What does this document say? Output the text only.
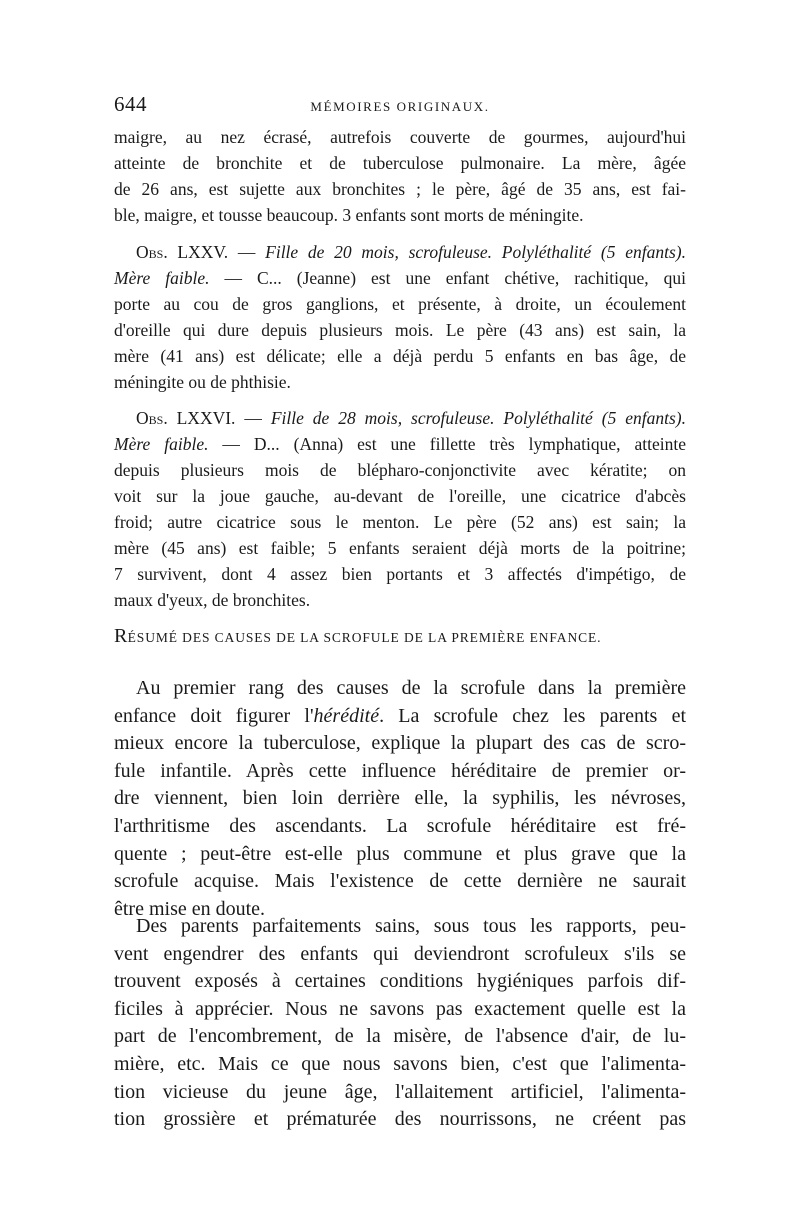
644	MÉMOIRES ORIGINAUX.

maigre, au nez écrasé, autrefois couverte de gourmes, aujourd'hui

atteinte de bronchite et de tuberculose pulmonaire. La mère, âgée

de 26 ans, est sujette aux bronchites ; le père, âgé de 35 ans, est fai-

ble, maigre, et tousse beaucoup. 3 enfants sont morts de méningite.

Obs. LXXV. — Fille de 20 mois, scrofuleuse. Polyléthalité (5 enfants).

Mère faible. — C... (Jeanne) est une enfant chétive, rachitique, qui

porte au cou de gros ganglions, et présente, à droite, un écoulement

d'oreille qui dure depuis plusieurs mois. Le père (43 ans) est sain, la

mère (41 ans) est délicate; elle a déjà perdu 5 enfants en bas âge, de

méningite ou de phthisie.

Obs. LXXVI. — Fille de 28 mois, scrofuleuse. Polyléthalité (5 enfants).

Mère faible. — D... (Anna) est une fillette très lymphatique, atteinte

depuis plusieurs mois de blépharo-conjonctivite avec kératite; on

voit sur la joue gauche, au-devant de l'oreille, une cicatrice d'abcès

froid; autre cicatrice sous le menton. Le père (52 ans) est sain; la

mère (45 ans) est faible; 5 enfants seraient déjà morts de la poitrine;

7 survivent, dont 4 assez bien portants et 3 affectés d'impétigo, de

maux d'yeux, de bronchites.

RÉSUMÉ DES CAUSES DE LA SCROFULE DE LA PREMIÈRE ENFANCE.

Au premier rang des causes de la scrofule dans la première

enfance doit figurer l'hérédité. La scrofule chez les parents et

mieux encore la tuberculose, explique la plupart des cas de scro-

fule infantile. Après cette influence héréditaire de premier or-

dre viennent, bien loin derrière elle, la syphilis, les névroses,

l'arthritisme des ascendants. La scrofule héréditaire est fré-

quente ; peut-être est-elle plus commune et plus grave que la

scrofule acquise. Mais l'existence de cette dernière ne saurait

être mise en doute.

Des parents parfaitements sains, sous tous les rapports, peu-

vent engendrer des enfants qui deviendront scrofuleux s'ils se

trouvent exposés à certaines conditions hygiéniques parfois dif-

ficiles à apprécier. Nous ne savons pas exactement quelle est la

part de l'encombrement, de la misère, de l'absence d'air, de lu-

mière, etc. Mais ce que nous savons bien, c'est que l'alimenta-

tion vicieuse du jeune âge, l'allaitement artificiel, l'alimenta-

tion grossière et prématurée des nourrissons, ne créent pas
